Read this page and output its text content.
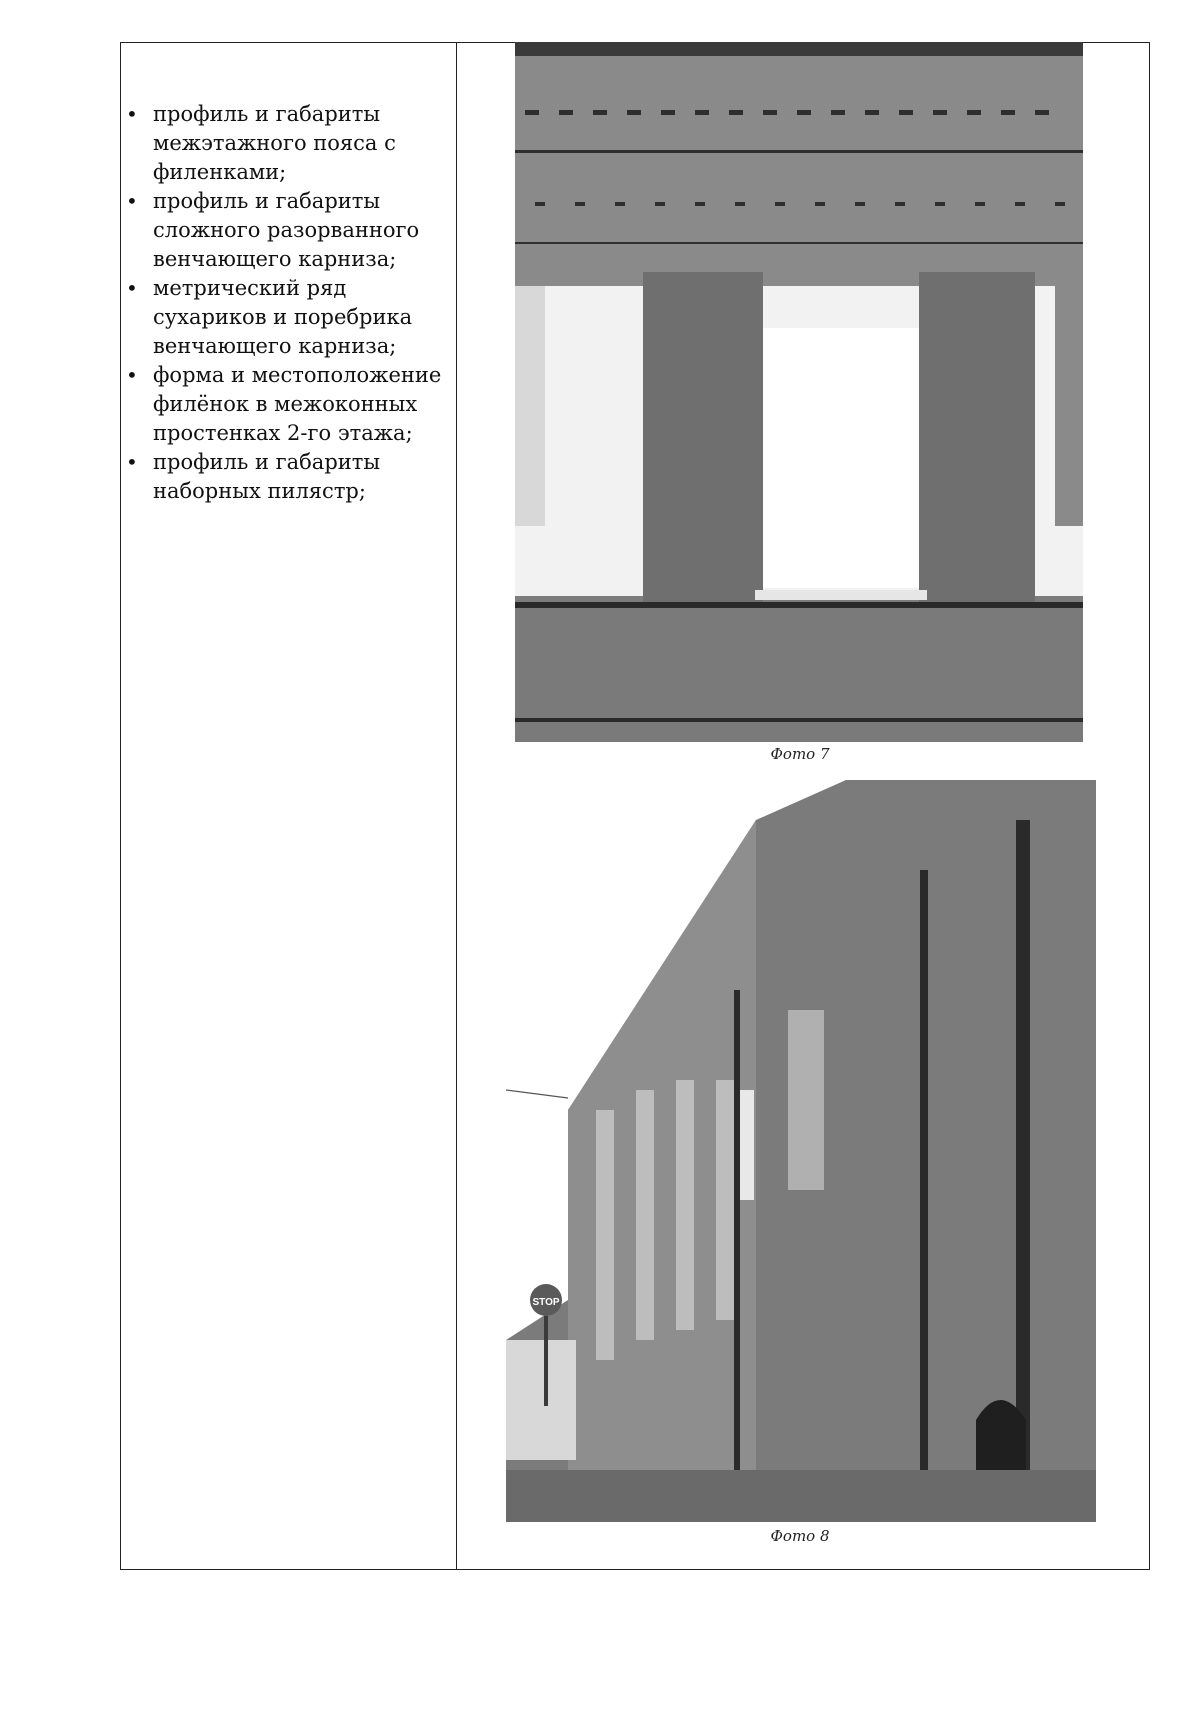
• профиль и габариты межэтажного пояса с филенками;
• профиль и габариты сложного разорванного венчающего карниза;
• метрический ряд сухариков и поребрика венчающего карниза;
• форма и местоположение филёнок в межоконных простенках 2-го этажа;
• профиль и габариты наборных пилястр;
Фото 7
STOP
Фото 8
